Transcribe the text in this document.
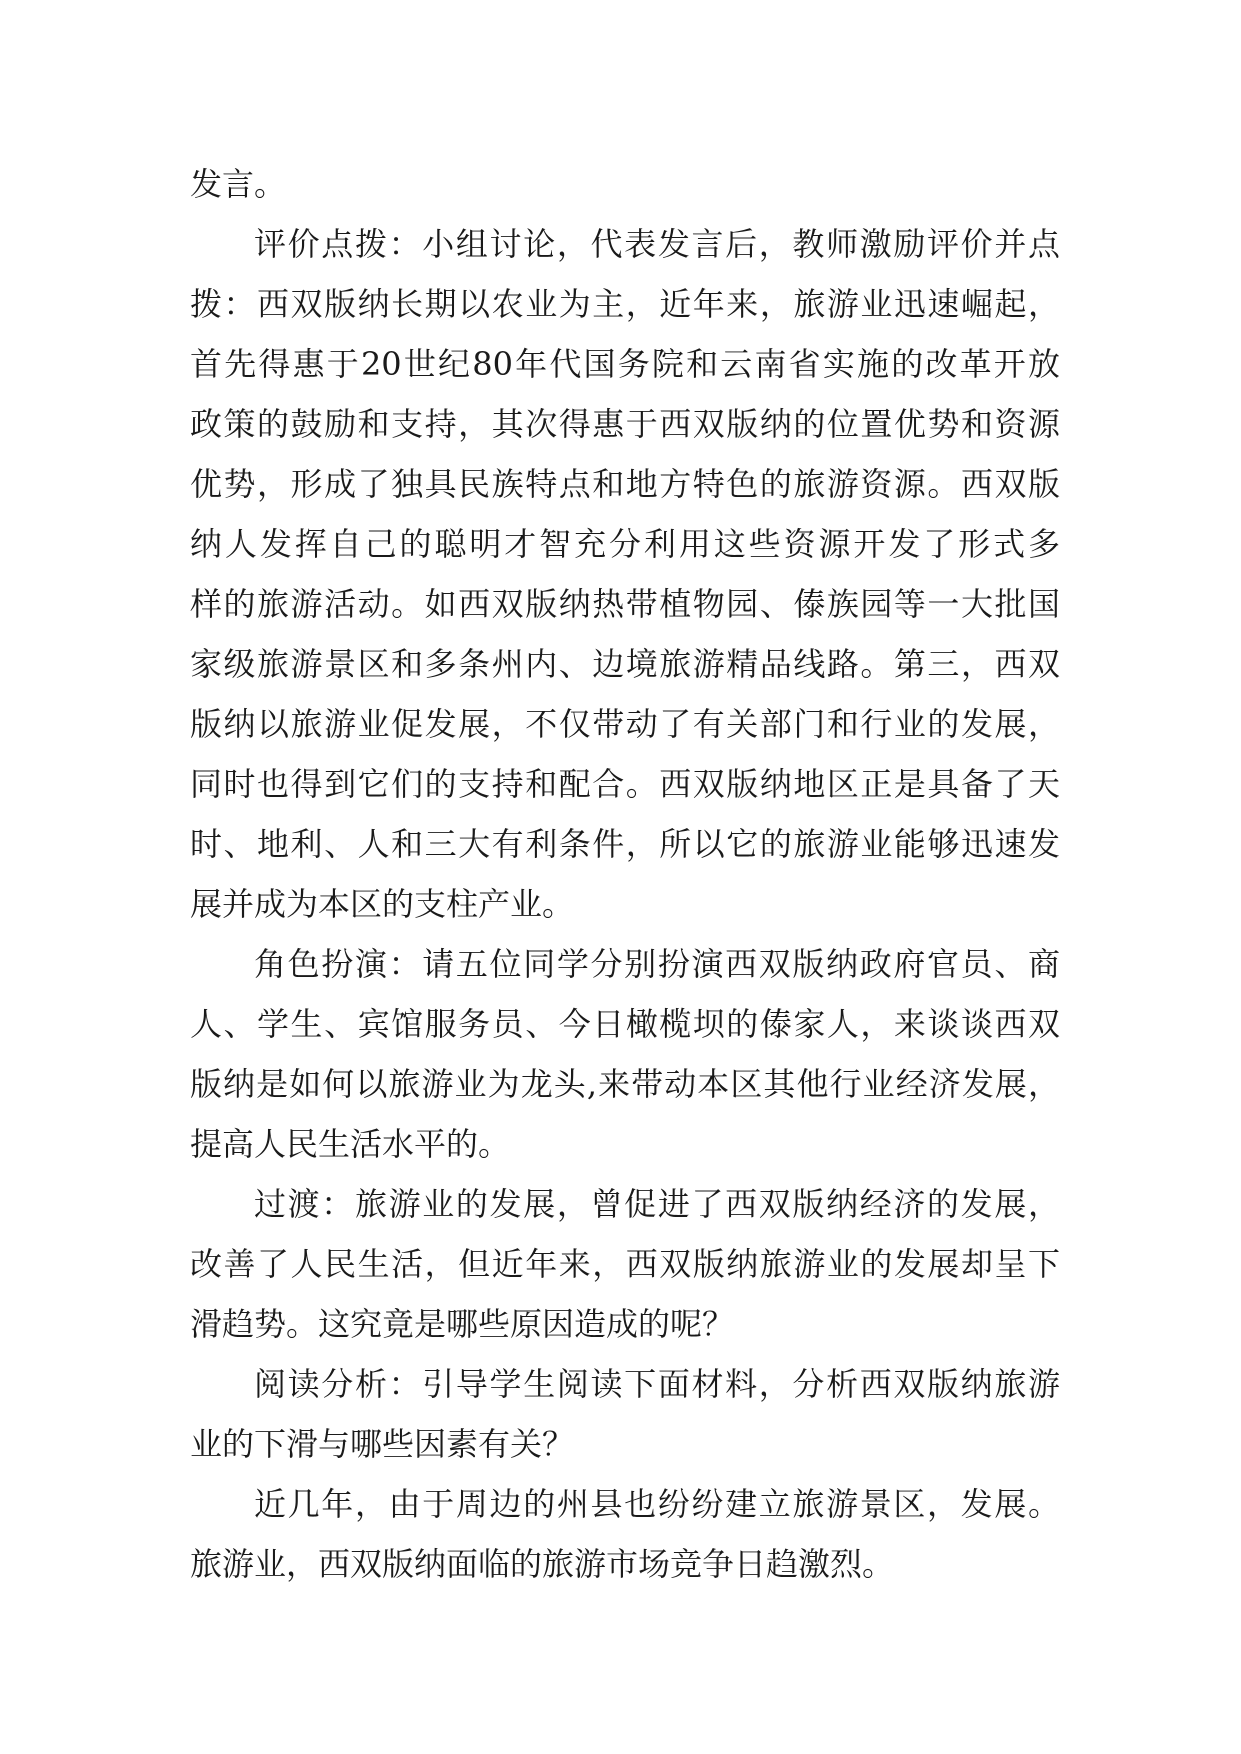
发言。
评价点拨：小组讨论，代表发言后，教师激励评价并点
拨：西双版纳长期以农业为主，近年来，旅游业迅速崛起，
首先得惠于20世纪80年代国务院和云南省实施的改革开放
政策的鼓励和支持，其次得惠于西双版纳的位置优势和资源
优势，形成了独具民族特点和地方特色的旅游资源。西双版
纳人发挥自己的聪明才智充分利用这些资源开发了形式多
样的旅游活动。如西双版纳热带植物园、傣族园等一大批国
家级旅游景区和多条州内、边境旅游精品线路。第三，西双
版纳以旅游业促发展，不仅带动了有关部门和行业的发展，
同时也得到它们的支持和配合。西双版纳地区正是具备了天
时、地利、人和三大有利条件，所以它的旅游业能够迅速发
展并成为本区的支柱产业。
角色扮演：请五位同学分别扮演西双版纳政府官员、商
人、学生、宾馆服务员、今日橄榄坝的傣家人，来谈谈西双
版纳是如何以旅游业为龙头,来带动本区其他行业经济发展，
提高人民生活水平的。
过渡：旅游业的发展，曾促进了西双版纳经济的发展，
改善了人民生活，但近年来，西双版纳旅游业的发展却呈下
滑趋势。这究竟是哪些原因造成的呢？
阅读分析：引导学生阅读下面材料，分析西双版纳旅游
业的下滑与哪些因素有关？
近几年，由于周边的州县也纷纷建立旅游景区，发展。
旅游业，西双版纳面临的旅游市场竞争日趋激烈。
